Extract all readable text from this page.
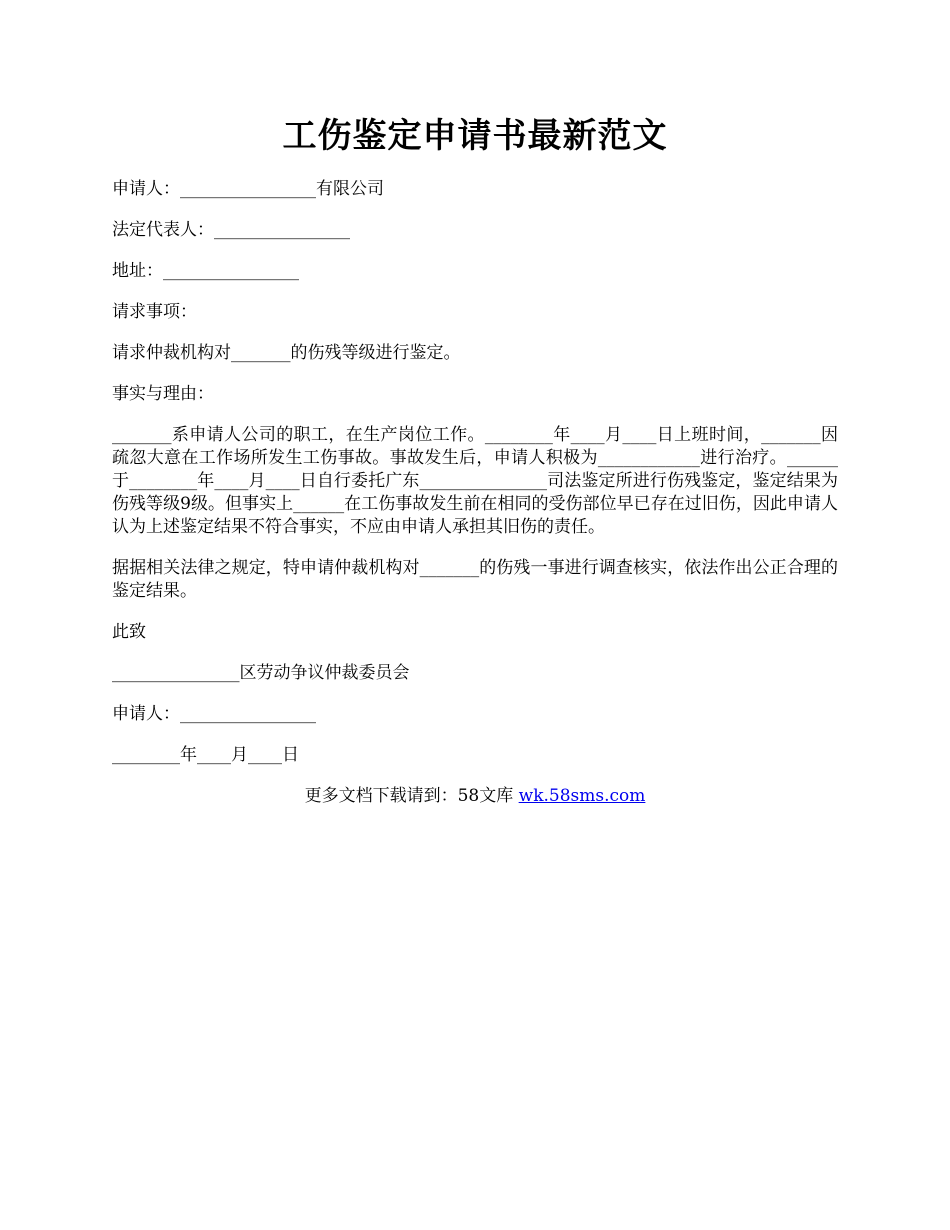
工伤鉴定申请书最新范文

申请人：________________有限公司

法定代表人：________________

地址：________________

请求事项：

请求仲裁机构对_______的伤残等级进行鉴定。

事实与理由：

_______系申请人公司的职工，在生产岗位工作。________年____月____日上班时间，_______因疏忽大意在工作场所发生工伤事故。事故发生后，申请人积极为____________进行治疗。______于________年____月____日自行委托广东_______________司法鉴定所进行伤残鉴定，鉴定结果为伤残等级9级。但事实上______在工伤事故发生前在相同的受伤部位早已存在过旧伤，因此申请人认为上述鉴定结果不符合事实，不应由申请人承担其旧伤的责任。

据据相关法律之规定，特申请仲裁机构对_______的伤残一事进行调查核实，依法作出公正合理的鉴定结果。

此致

_______________区劳动争议仲裁委员会

申请人：________________

________年____月____日

更多文档下载请到：58文库 wk.58sms.com
